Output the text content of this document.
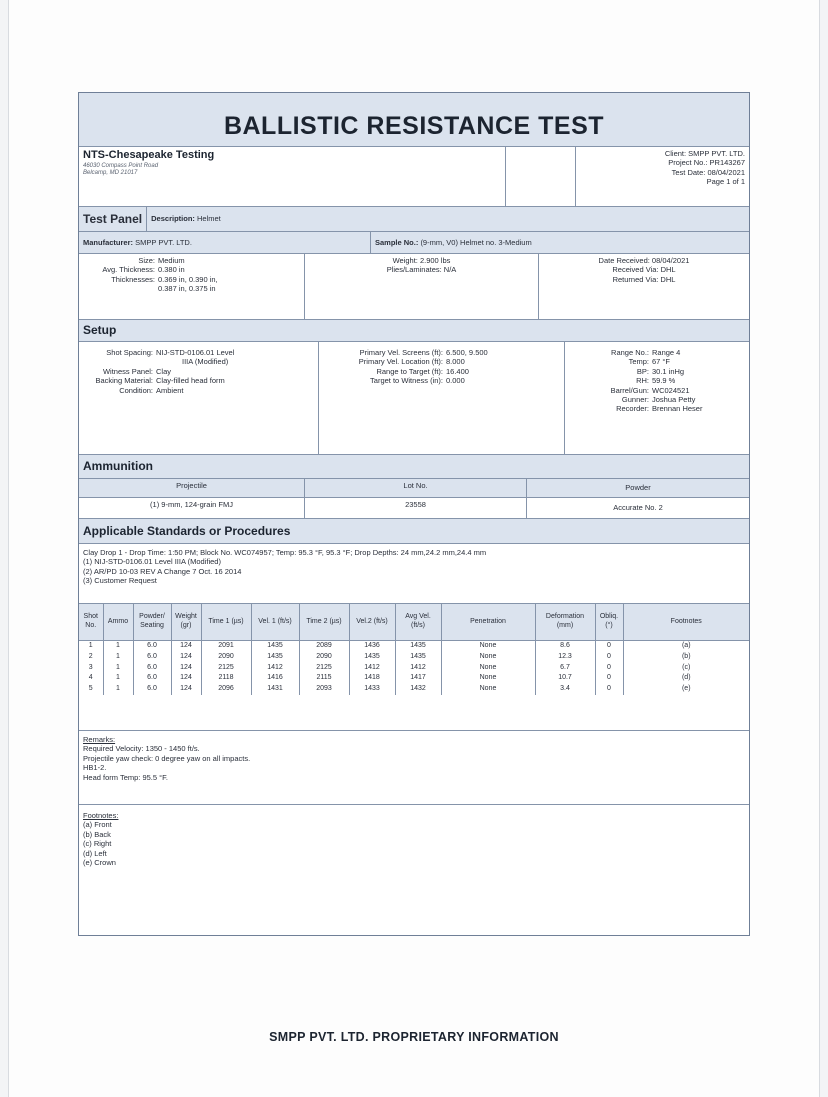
BALLISTIC RESISTANCE TEST
NTS-Chesapeake Testing
46030 Compass Point Road
Belcamp, MD 21017
Client: SMPP PVT. LTD.
Project No.: PR143267
Test Date: 08/04/2021
Page 1 of 1
Test Panel	Description: Helmet
Manufacturer:
SMPP PVT. LTD.	Sample No.: (9-mm, V0) Helmet no. 3-Medium
Size: Medium
Avg. Thickness: 0.380 in
Thicknesses: 0.369 in, 0.390 in,
0.387 in, 0.375 in
Weight: 2.900 lbs
Plies/Laminates: N/A
Date Received: 08/04/2021
Received Via: DHL
Returned Via: DHL
Setup
Shot Spacing: NIJ-STD-0106.01 Level
IIIA (Modified)
Witness Panel: Clay
Backing Material: Clay-filled head form
Condition: Ambient
Primary Vel. Screens (ft): 6.500, 9.500
Primary Vel. Location (ft): 8.000
Range to Target (ft): 16.400
Target to Witness (in): 0.000
Range No.: Range 4
Temp: 67 °F
BP: 30.1 inHg
RH: 59.9 %
Barrel/Gun: WC024521
Gunner: Joshua Petty
Recorder: Brennan Heser
Ammunition
Projectile	Lot No.	Powder
(1) 9-mm, 124-grain FMJ	23558	Accurate No. 2
Applicable Standards or Procedures
Clay Drop 1 - Drop Time: 1:50 PM; Block No. WC074957; Temp: 95.3 °F, 95.3 °F; Drop Depths: 24 mm,24.2 mm,24.4 mm
(1) NIJ-STD-0106.01 Level IIIA (Modified)
(2) AR/PD 10-03 REV A Change 7 Oct. 16 2014
(3) Customer Request
Shot No.	Ammo	Powder/ Seating	Weight (gr)	Time 1 (µs)	Vel. 1 (ft/s)	Time 2 (µs)	Vel.2 (ft/s)	Avg Vel. (ft/s)	Penetration	Deformation (mm)	Obliq. (°)	Footnotes
1	1	6.0	124	2091	1435	2089	1436	1435	None	8.6	0	(a)
2	1	6.0	124	2090	1435	2090	1435	1435	None	12.3	0	(b)
3	1	6.0	124	2125	1412	2125	1412	1412	None	6.7	0	(c)
4	1	6.0	124	2118	1416	2115	1418	1417	None	10.7	0	(d)
5	1	6.0	124	2096	1431	2093	1433	1432	None	3.4	0	(e)
Remarks:
Required Velocity: 1350 - 1450 ft/s.
Projectile yaw check: 0 degree yaw on all impacts.
HB1-2.
Head form Temp: 95.5 °F.
Footnotes:
(a) Front
(b) Back
(c) Right
(d) Left
(e) Crown
SMPP PVT. LTD. PROPRIETARY INFORMATION
